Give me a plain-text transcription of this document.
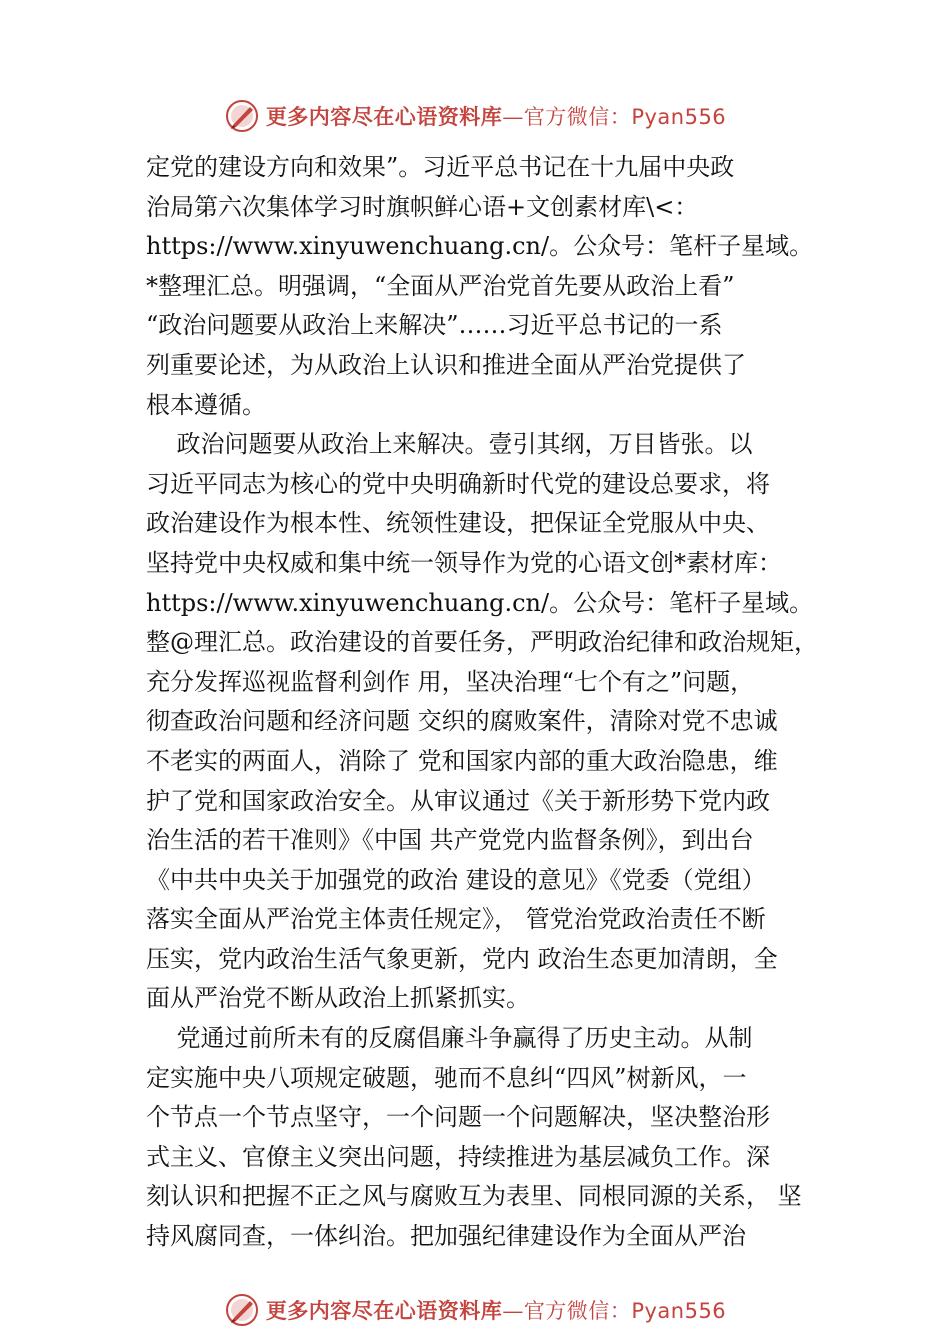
更多内容尽在心语资料库—官方微信：Pyan556

定党的建设方向和效果”。习近平总书记在十九届中央政
治局第六次集体学习时旗帜鲜心语+文创素材库\<：
https://www.xinyuwenchuang.cn/。公众号：笔杆子星域。
*整理汇总。明强调，“全面从严治党首先要从政治上看”
“政治问题要从政治上来解决”……习近平总书记的一系
列重要论述，为从政治上认识和推进全面从严治党提供了
根本遵循。

政治问题要从政治上来解决。壹引其纲，万目皆张。以
习近平同志为核心的党中央明确新时代党的建设总要求，将
政治建设作为根本性、统领性建设，把保证全党服从中央、
坚持党中央权威和集中统一领导作为党的心语文创*素材库：
https://www.xinyuwenchuang.cn/。公众号：笔杆子星域。
整@理汇总。政治建设的首要任务，严明政治纪律和政治规矩，
充分发挥巡视监督利剑作 用，坚决治理“七个有之”问题，
彻查政治问题和经济问题 交织的腐败案件，清除对党不忠诚
不老实的两面人，消除了 党和国家内部的重大政治隐患，维
护了党和国家政治安全。从审议通过《关于新形势下党内政
治生活的若干准则》《中国 共产党党内监督条例》，到出台
《中共中央关于加强党的政治 建设的意见》《党委（党组）
落实全面从严治党主体责任规定》， 管党治党政治责任不断
压实，党内政治生活气象更新，党内 政治生态更加清朗，全
面从严治党不断从政治上抓紧抓实。

党通过前所未有的反腐倡廉斗争赢得了历史主动。从制
定实施中央八项规定破题，驰而不息纠“四风”树新风，一
个节点一个节点坚守，一个问题一个问题解决，坚决整治形
式主义、官僚主义突出问题，持续推进为基层减负工作。深
刻认识和把握不正之风与腐败互为表里、同根同源的关系， 坚
持风腐同查，一体纠治。把加强纪律建设作为全面从严治

更多内容尽在心语资料库—官方微信：Pyan556
